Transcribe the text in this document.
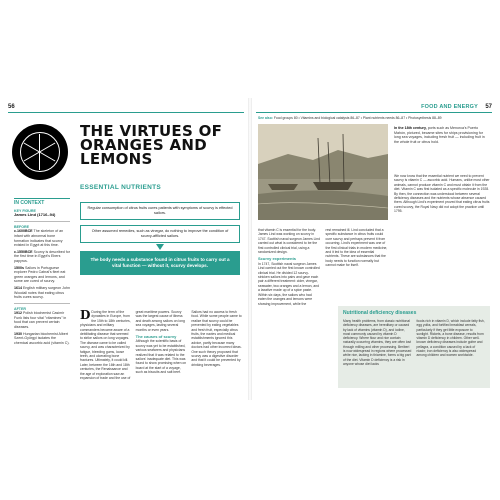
56
THE VIRTUES OF ORANGES AND LEMONS
ESSENTIAL NUTRIENTS
IN CONTEXT
KEY FIGURE
James Lind (1716–94)
BEFORE

c.1600BCE The skeleton of an infant with abnormal bone formation indicates that scurvy existed in Egypt at this time.

c.1550BCE Scurvy is described for the first time in Egypt's Ebers papyrus.

1500s Sailors in Portuguese explorer Pedro Cabral's fleet eat green oranges and lemons, and some are cured of scurvy.

1614 English military surgeon John Woodall notes that eating citrus fruits cures scurvy.

AFTER

1912 Polish biochemist Casimir Funk lists four vital "vitamines" in food that can prevent certain diseases.

1930 Hungarian biochemist Albert Szent-Györgyi isolates the chemical ascorbic acid (vitamin C).

Regular consumption of citrus fruits cures patients with symptoms of scurvy is effected sailors.
Other assumed remedies, such as vinegar, do nothing to improve the condition of scurvy-afflicted sailors.
The body needs a substance found in citrus fruits to carry out a vital function — without it, scurvy develops.
D During the term of the dynasties in Europe, from the 15th to 18th centuries, physicians and military commanders became aware of a debilitating disease that seemed to strike sailors on long voyages. The disease came to be called scurvy, and was characterized by fatigue, bleeding gums, loose teeth, and ulcerating bone fractures. Ultimately, it could kill. Later, between the 16th and 18th centuries, the Renaissance and the age of exploration saw an expansion of trade and the use of

great maritime powers. Scurvy was the largest cause of illness and death among sailors on long sea voyages, lasting several months or even years.

The causes of scurvy

Although the scientific basis of scurvy was yet to be established, various seafarers and physicians realized that it was related to the sailors' inadequate diet. This was found to show promising when on board at the start of a voyage, such as biscuits and salt beef.

Sailors had no access to fresh food. While some people came to realize that scurvy could be prevented by eating vegetables and fresh fruit, especially citrus fruits, the navies and medical establishments ignored this advice, partly because many doctors had other incorrect ideas. One such theory proposed that scurvy was a digestive disorder and that it could be prevented by drinking beverages.

FOOD AND ENERGY 57
See also: Food groups 80 • Vitamins and biological catalysts 86–87 • Plant nutrients needs 86–87 • Photosynthesis 88–89
In the 18th century, ports such as Menorca's Puerto Mahón, pictured, became sites for ships provisioning for long sea voyages, including fresh fruit — including fruit in the whole fruit or citrus hold.

We now know that the essential nutrient we need to prevent scurvy is vitamin C — ascorbic acid. Humans, unlike most other animals, cannot produce vitamin C and must obtain it from the diet. Vitamin C was first isolated as a specific molecule in 1928. By then, the connection was understood between several deficiency diseases and the nutrients whose absence caused them. Although Lind's experiment proved that eating citrus fruits cured scurvy, the Royal Navy did not adopt the practice until 1795.

that vitamin C is essential for the body. James Lind was working on scurvy in 1747. Scottish naval surgeon James Lind carried out what is considered to be the first controlled clinical trial, using a randomized design.

Scurvy experiments

In 1747, Scottish naval surgeon James Lind carried out the first known controlled clinical trial. He divided 12 scurvy-stricken sailors into pairs and gave each pair a different treatment: cider, vinegar, seawater, two oranges and a lemon, and a laxative made up of a spice paste. Within six days, the sailors who had eaten the oranges and lemons were showing improvement, while the

rest remained ill. Lind concluded that a specific substance in citrus fruits could cure scurvy and perhaps prevent it from occurring. Lind's experiment was one of the first clinical trials in modern medicine, and it led to the idea of essential nutrients. These are substances that the body needs to function normally but cannot make for itself.

Nutritional deficiency diseases
Many health problems, from classic nutritional deficiency diseases, are hereditary or caused by lack of vitamins (vitamin D), and iodine, most commonly caused by vitamin D deficiency. Where flour and rice contain naturally occurring vitamins, they are often lost through milling and other processing. Beriberi is now widespread in regions where processed white rice, lacking in thiamine, forms a big part of the diet. Vitamin D deficiency is a risk in anyone whose diet lacks
foods rich in vitamin D, which include fatty fish, egg yolks, and fortified breakfast cereals, particularly if they get little exposure to sunlight. Rickets, a bone disease, results from vitamin D deficiency in children. Other well-known deficiency diseases include goitre and pellagra, a condition caused by a lack of niacin; iron deficiency is also widespread among children and women worldwide.
